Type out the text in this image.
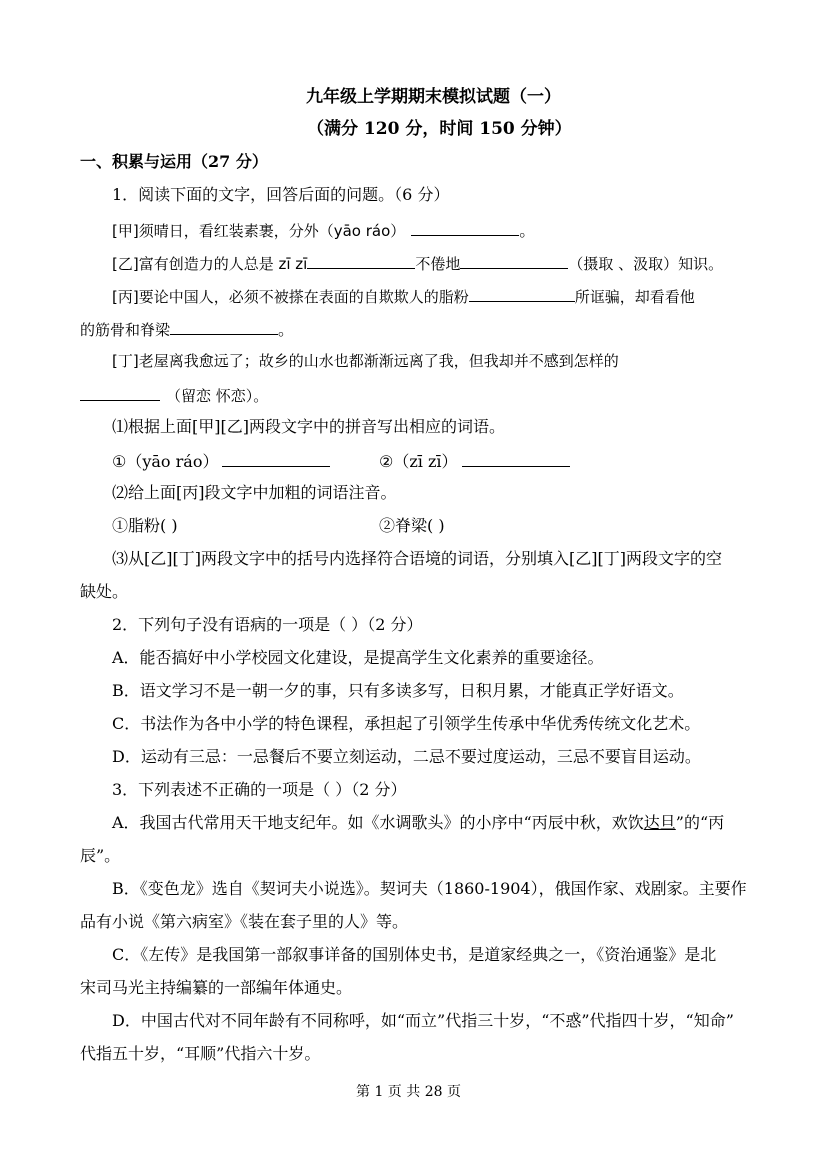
九年级上学期期末模拟试题（一）
（满分 120 分，时间 150 分钟）
一、积累与运用（27 分）
1．阅读下面的文字，回答后面的问题。（6 分）
[甲]须晴日，看红装素裹，分外（yāo ráo）	。
[乙]富有创造力的人总是 zī zī	不倦地	（摄取 、汲取）知识。
[丙]要论中国人，必须不被搽在表面的自欺欺人的脂粉	所诓骗，却看看他
的筋骨和脊梁	。
[丁]老屋离我愈远了；故乡的山水也都渐渐远离了我，但我却并不感到怎样的
（留恋 怀恋）。
⑴根据上面[甲][乙]两段文字中的拼音写出相应的词语。
①（yāo ráo）	②（zī zī）
⑵给上面[丙]段文字中加粗的词语注音。
①脂粉( )	②脊梁( )
⑶从[乙][丁]两段文字中的括号内选择符合语境的词语，分别填入[乙][丁]两段文字的空
缺处。
2．下列句子没有语病的一项是（ ）（2 分）
A．能否搞好中小学校园文化建设，是提高学生文化素养的重要途径。
B．语文学习不是一朝一夕的事，只有多读多写，日积月累，才能真正学好语文。
C．书法作为各中小学的特色课程，承担起了引领学生传承中华优秀传统文化艺术。
D．运动有三忌：一忌餐后不要立刻运动，二忌不要过度运动，三忌不要盲目运动。
3．下列表述不正确的一项是（ ）（2 分）
A．我国古代常用天干地支纪年。如《水调歌头》的小序中“丙辰中秋，欢饮达旦”的“丙
辰”。
B．《变色龙》选自《契诃夫小说选》。契诃夫（1860-1904），俄国作家、戏剧家。主要作
品有小说《第六病室》《装在套子里的人》等。
C．《左传》是我国第一部叙事详备的国别体史书，是道家经典之一，《资治通鉴》是北
宋司马光主持编纂的一部编年体通史。
D．中国古代对不同年龄有不同称呼，如“而立”代指三十岁，“不惑”代指四十岁，“知命”
代指五十岁，“耳顺”代指六十岁。
第 1 页 共 28 页
